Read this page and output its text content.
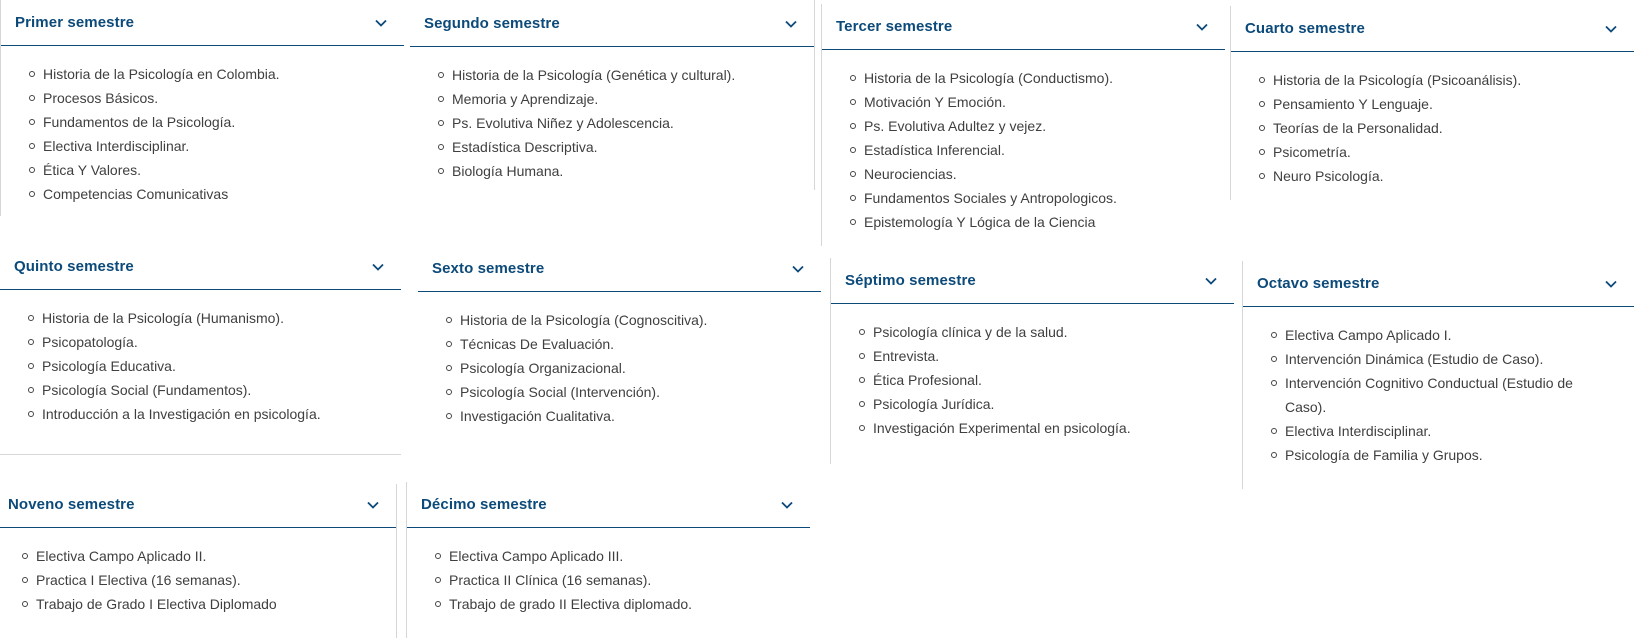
Primer semestre
Historia de la Psicología en Colombia.
Procesos Básicos.
Fundamentos de la Psicología.
Electiva Interdisciplinar.
Ética Y Valores.
Competencias Comunicativas
Segundo semestre
Historia de la Psicología (Genética y cultural).
Memoria y Aprendizaje.
Ps. Evolutiva Niñez y Adolescencia.
Estadística Descriptiva.
Biología Humana.
Tercer semestre
Historia de la Psicología (Conductismo).
Motivación Y Emoción.
Ps. Evolutiva Adultez y vejez.
Estadística Inferencial.
Neurociencias.
Fundamentos Sociales y Antropologicos.
Epistemología Y Lógica de la Ciencia
Cuarto semestre
Historia de la Psicología (Psicoanálisis).
Pensamiento Y Lenguaje.
Teorías de la Personalidad.
Psicometría.
Neuro Psicología.
Quinto semestre
Historia de la Psicología (Humanismo).
Psicopatología.
Psicología Educativa.
Psicología Social (Fundamentos).
Introducción a la Investigación en psicología.
Sexto semestre
Historia de la Psicología (Cognoscitiva).
Técnicas De Evaluación.
Psicología Organizacional.
Psicología Social (Intervención).
Investigación Cualitativa.
Séptimo semestre
Psicología clínica y de la salud.
Entrevista.
Ética Profesional.
Psicología Jurídica.
Investigación Experimental en psicología.
Octavo semestre
Electiva Campo Aplicado I.
Intervención Dinámica (Estudio de Caso).
Intervención Cognitivo Conductual (Estudio de Caso).
Electiva Interdisciplinar.
Psicología de Familia y Grupos.
Noveno semestre
Electiva Campo Aplicado II.
Practica I Electiva (16 semanas).
Trabajo de Grado I Electiva Diplomado
Décimo semestre
Electiva Campo Aplicado III.
Practica II Clínica (16 semanas).
Trabajo de grado II Electiva diplomado.
